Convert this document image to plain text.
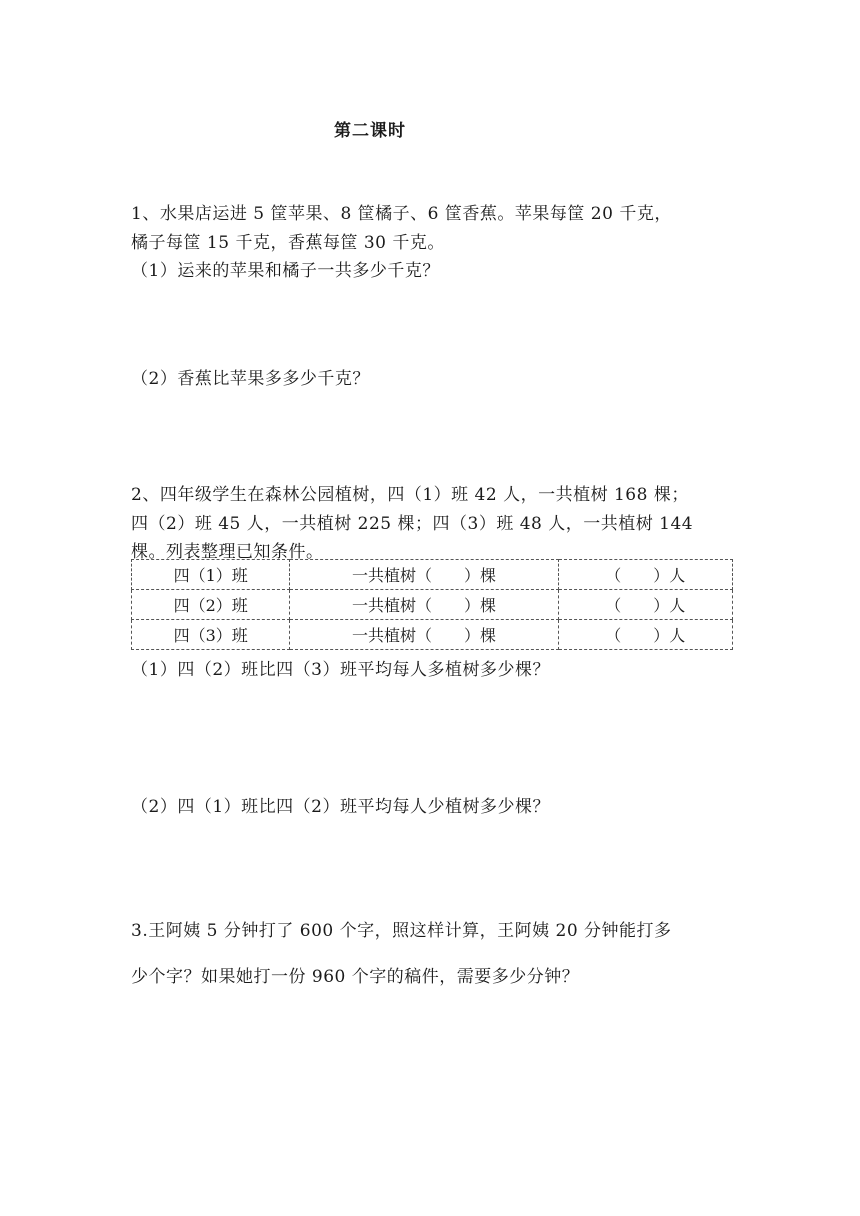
第二课时
1、水果店运进 5 筐苹果、8 筐橘子、6 筐香蕉。苹果每筐 20 千克，
橘子每筐 15 千克，香蕉每筐 30 千克。
（1）运来的苹果和橘子一共多少千克？
（2）香蕉比苹果多多少千克？
2、四年级学生在森林公园植树，四（1）班 42 人，一共植树 168 棵；
四（2）班 45 人，一共植树 225 棵；四（3）班 48 人，一共植树 144
棵。列表整理已知条件。
四（1）班	一共植树（　　）棵	（　　）人
四（2）班	一共植树（　　）棵	（　　）人
四（3）班	一共植树（　　）棵	（　　）人
（1）四（2）班比四（3）班平均每人多植树多少棵？
（2）四（1）班比四（2）班平均每人少植树多少棵？
3.王阿姨 5 分钟打了 600 个字，照这样计算，王阿姨 20 分钟能打多
少个字？如果她打一份 960 个字的稿件，需要多少分钟？
